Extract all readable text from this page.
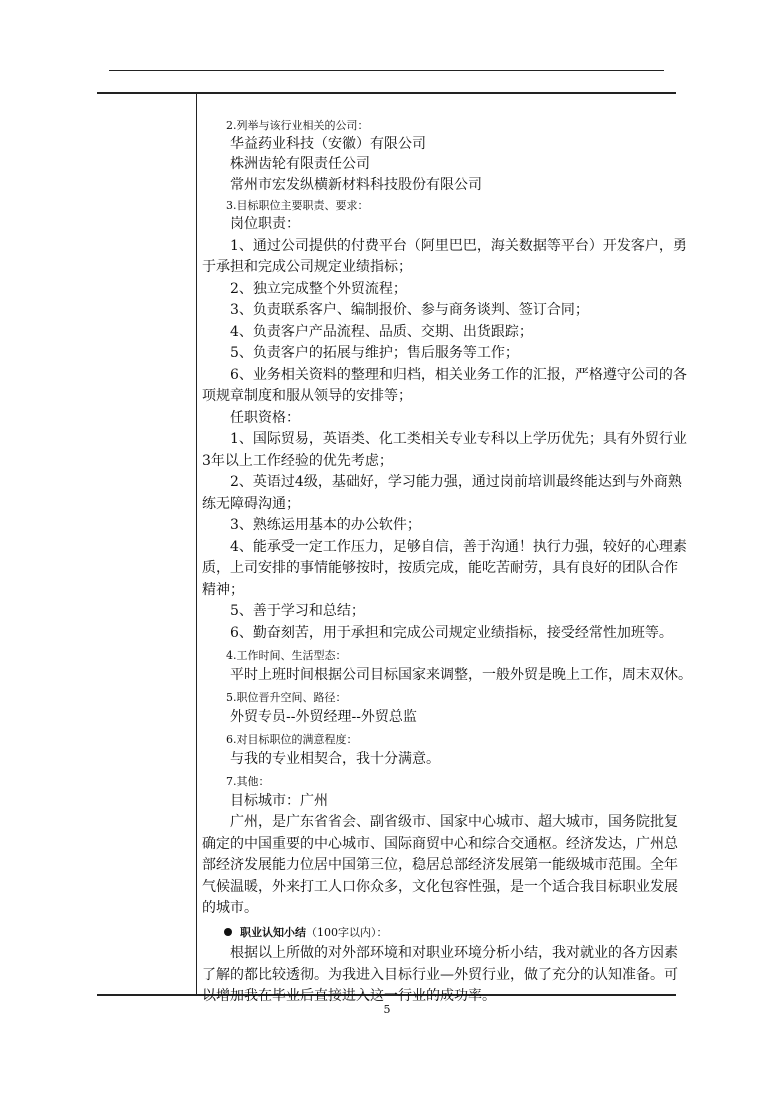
2.列举与该行业相关的公司：
华益药业科技（安徽）有限公司
株洲齿轮有限责任公司
常州市宏发纵横新材料科技股份有限公司
3.目标职位主要职责、要求：
岗位职责：
1、通过公司提供的付费平台（阿里巴巴，海关数据等平台）开发客户，勇
于承担和完成公司规定业绩指标；
2、独立完成整个外贸流程；
3、负责联系客户、编制报价、参与商务谈判、签订合同；
4、负责客户产品流程、品质、交期、出货跟踪；
5、负责客户的拓展与维护；售后服务等工作；
6、业务相关资料的整理和归档，相关业务工作的汇报，严格遵守公司的各
项规章制度和服从领导的安排等；
任职资格：
1、国际贸易，英语类、化工类相关专业专科以上学历优先；具有外贸行业
3年以上工作经验的优先考虑；
2、英语过4级，基础好，学习能力强，通过岗前培训最终能达到与外商熟
练无障碍沟通；
3、熟练运用基本的办公软件；
4、能承受一定工作压力，足够自信，善于沟通！执行力强，较好的心理素
质，上司安排的事情能够按时，按质完成，能吃苦耐劳，具有良好的团队合作
精神；
5、善于学习和总结；
6、勤奋刻苦，用于承担和完成公司规定业绩指标，接受经常性加班等。
4.工作时间、生活型态：
平时上班时间根据公司目标国家来调整，一般外贸是晚上工作，周末双休。
5.职位晋升空间、路径：
外贸专员--外贸经理--外贸总监
6.对目标职位的满意程度：
与我的专业相契合，我十分满意。
7.其他：
目标城市：广州
广州，是广东省省会、副省级市、国家中心城市、超大城市，国务院批复
确定的中国重要的中心城市、国际商贸中心和综合交通枢。经济发达，广州总
部经济发展能力位居中国第三位，稳居总部经济发展第一能级城市范围。全年
气候温暖，外来打工人口你众多，文化包容性强，是一个适合我目标职业发展
的城市。
职业认知小结（100字以内）：
根据以上所做的对外部环境和对职业环境分析小结，我对就业的各方因素
了解的都比较透彻。为我进入目标行业—外贸行业，做了充分的认知准备。可
以增加我在毕业后直接进入这一行业的成功率。
5
